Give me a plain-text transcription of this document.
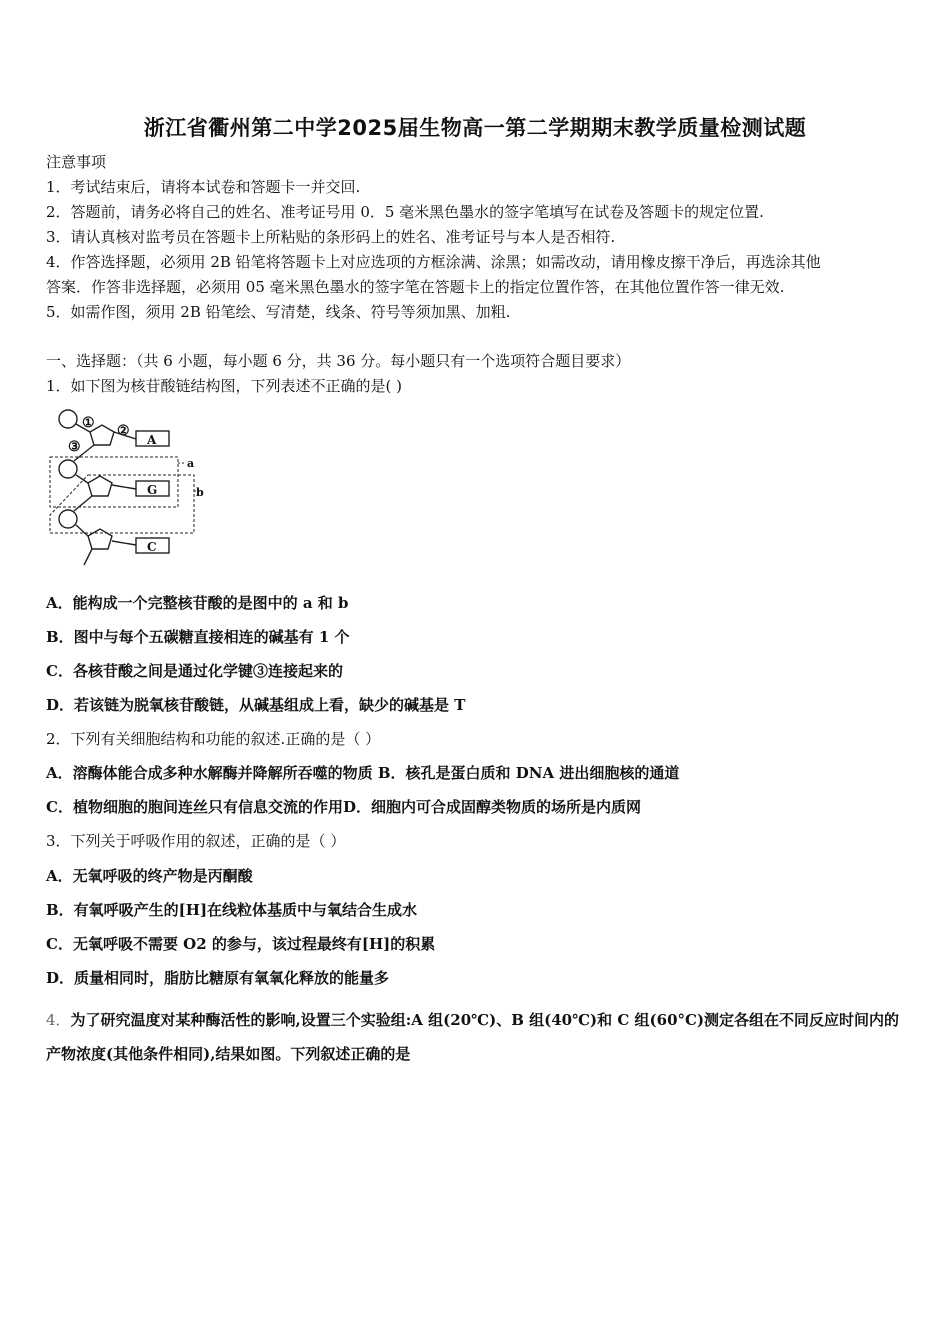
浙江省衢州第二中学2025届生物高一第二学期期末教学质量检测试题
注意事项
1．考试结束后，请将本试卷和答题卡一并交回.
2．答题前，请务必将自己的姓名、准考证号用 0．5 毫米黑色墨水的签字笔填写在试卷及答题卡的规定位置.
3．请认真核对监考员在答题卡上所粘贴的条形码上的姓名、准考证号与本人是否相符.
4．作答选择题，必须用 2B 铅笔将答题卡上对应选项的方框涂满、涂黑；如需改动，请用橡皮擦干净后，再选涂其他
答案．作答非选择题，必须用 05 毫米黑色墨水的签字笔在答题卡上的指定位置作答，在其他位置作答一律无效.
5．如需作图，须用 2B 铅笔绘、写清楚，线条、符号等须加黑、加粗.
一、选择题：（共 6 小题，每小题 6 分，共 36 分。每小题只有一个选项符合题目要求）
1．如下图为核苷酸链结构图，下列表述不正确的是( )
① ②
③	A
G
C
a
b
A．能构成一个完整核苷酸的是图中的 a 和 b
B．图中与每个五碳糖直接相连的碱基有 1 个
C．各核苷酸之间是通过化学键③连接起来的
D．若该链为脱氧核苷酸链，从碱基组成上看，缺少的碱基是 T
2．下列有关细胞结构和功能的叙述.正确的是（ ）
A．溶酶体能合成多种水解酶并降解所吞噬的物质 B．核孔是蛋白质和 DNA 进出细胞核的通道
C．植物细胞的胞间连丝只有信息交流的作用D．细胞内可合成固醇类物质的场所是内质网
3．下列关于呼吸作用的叙述，正确的是（ ）
A．无氧呼吸的终产物是丙酮酸
B．有氧呼吸产生的[H]在线粒体基质中与氧结合生成水
C．无氧呼吸不需要 O2 的参与，该过程最终有[H]的积累
D．质量相同时，脂肪比糖原有氧氧化释放的能量多
4．为了研究温度对某种酶活性的影响,设置三个实验组:A 组(20℃)、B 组(40℃)和 C 组(60°C)测定各组在不同反应时间内的产物浓度(其他条件相同),结果如图。下列叙述正确的是
